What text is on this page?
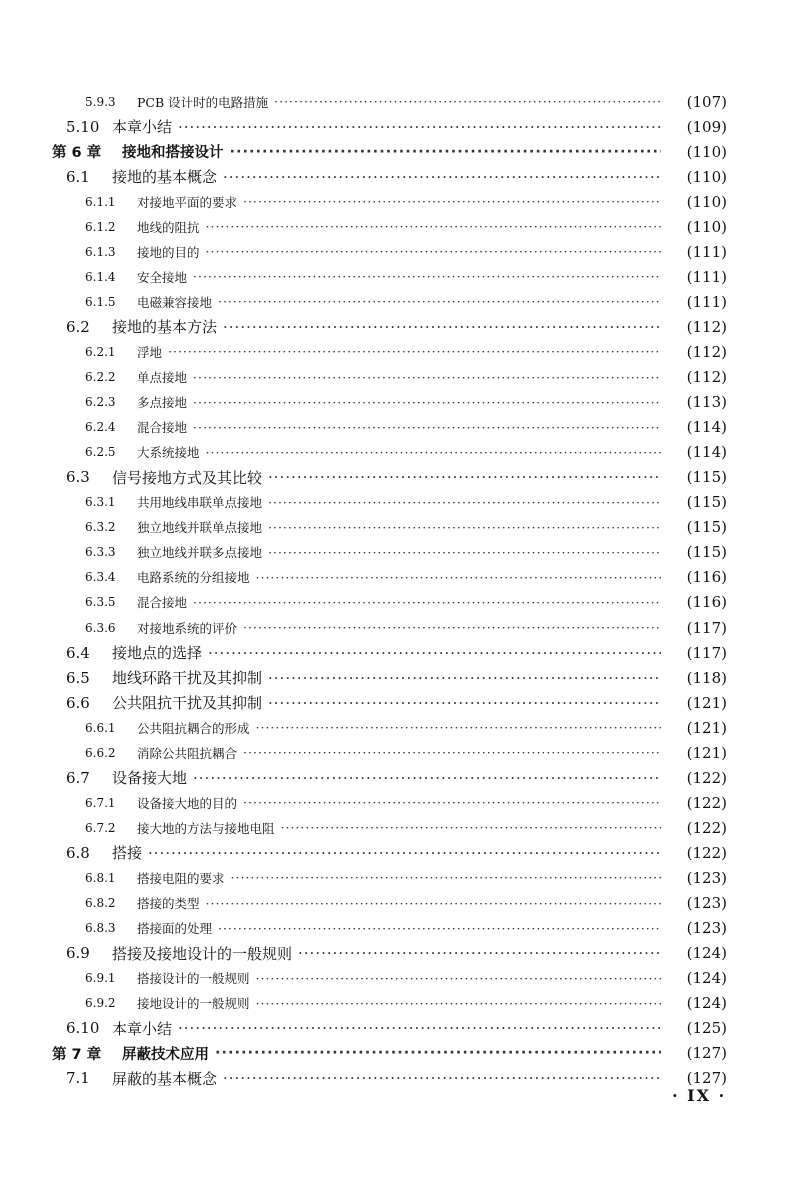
5.9.3	PCB 设计时的电路措施 ·····	(107)
5.10 本章小结 ·····	(109)
第 6 章	接地和搭接设计 ·····	(110)
6.1	接地的基本概念 ·····	(110)
6.1.1	对接地平面的要求 ·····	(110)
6.1.2	地线的阻抗 ·····	(110)
6.1.3	接地的目的 ·····	(111)
6.1.4	安全接地 ·····	(111)
6.1.5	电磁兼容接地 ·····	(111)
6.2	接地的基本方法 ·····	(112)
6.2.1	浮地 ·····	(112)
6.2.2	单点接地 ·····	(112)
6.2.3	多点接地 ·····	(113)
6.2.4	混合接地 ·····	(114)
6.2.5	大系统接地 ·····	(114)
6.3	信号接地方式及其比较 ·····	(115)
6.3.1	共用地线串联单点接地 ·····	(115)
6.3.2	独立地线并联单点接地 ·····	(115)
6.3.3	独立地线并联多点接地 ·····	(115)
6.3.4	电路系统的分组接地 ·····	(116)
6.3.5	混合接地 ·····	(116)
6.3.6	对接地系统的评价 ·····	(117)
6.4	接地点的选择 ·····	(117)
6.5	地线环路干扰及其抑制 ·····	(118)
6.6	公共阻抗干扰及其抑制 ·····	(121)
6.6.1	公共阻抗耦合的形成 ·····	(121)
6.6.2	消除公共阻抗耦合 ·····	(121)
6.7	设备接大地 ·····	(122)
6.7.1	设备接大地的目的 ·····	(122)
6.7.2	接大地的方法与接地电阻 ·····	(122)
6.8	搭接 ·····	(122)
6.8.1	搭接电阻的要求 ·····	(123)
6.8.2	搭接的类型 ·····	(123)
6.8.3	搭接面的处理 ·····	(123)
6.9	搭接及接地设计的一般规则 ·····	(124)
6.9.1	搭接设计的一般规则 ·····	(124)
6.9.2	接地设计的一般规则 ·····	(124)
6.10 本章小结 ·····	(125)
第 7 章	屏蔽技术应用 ·····	(127)
7.1	屏蔽的基本概念 ·····	(127)
· IX ·
